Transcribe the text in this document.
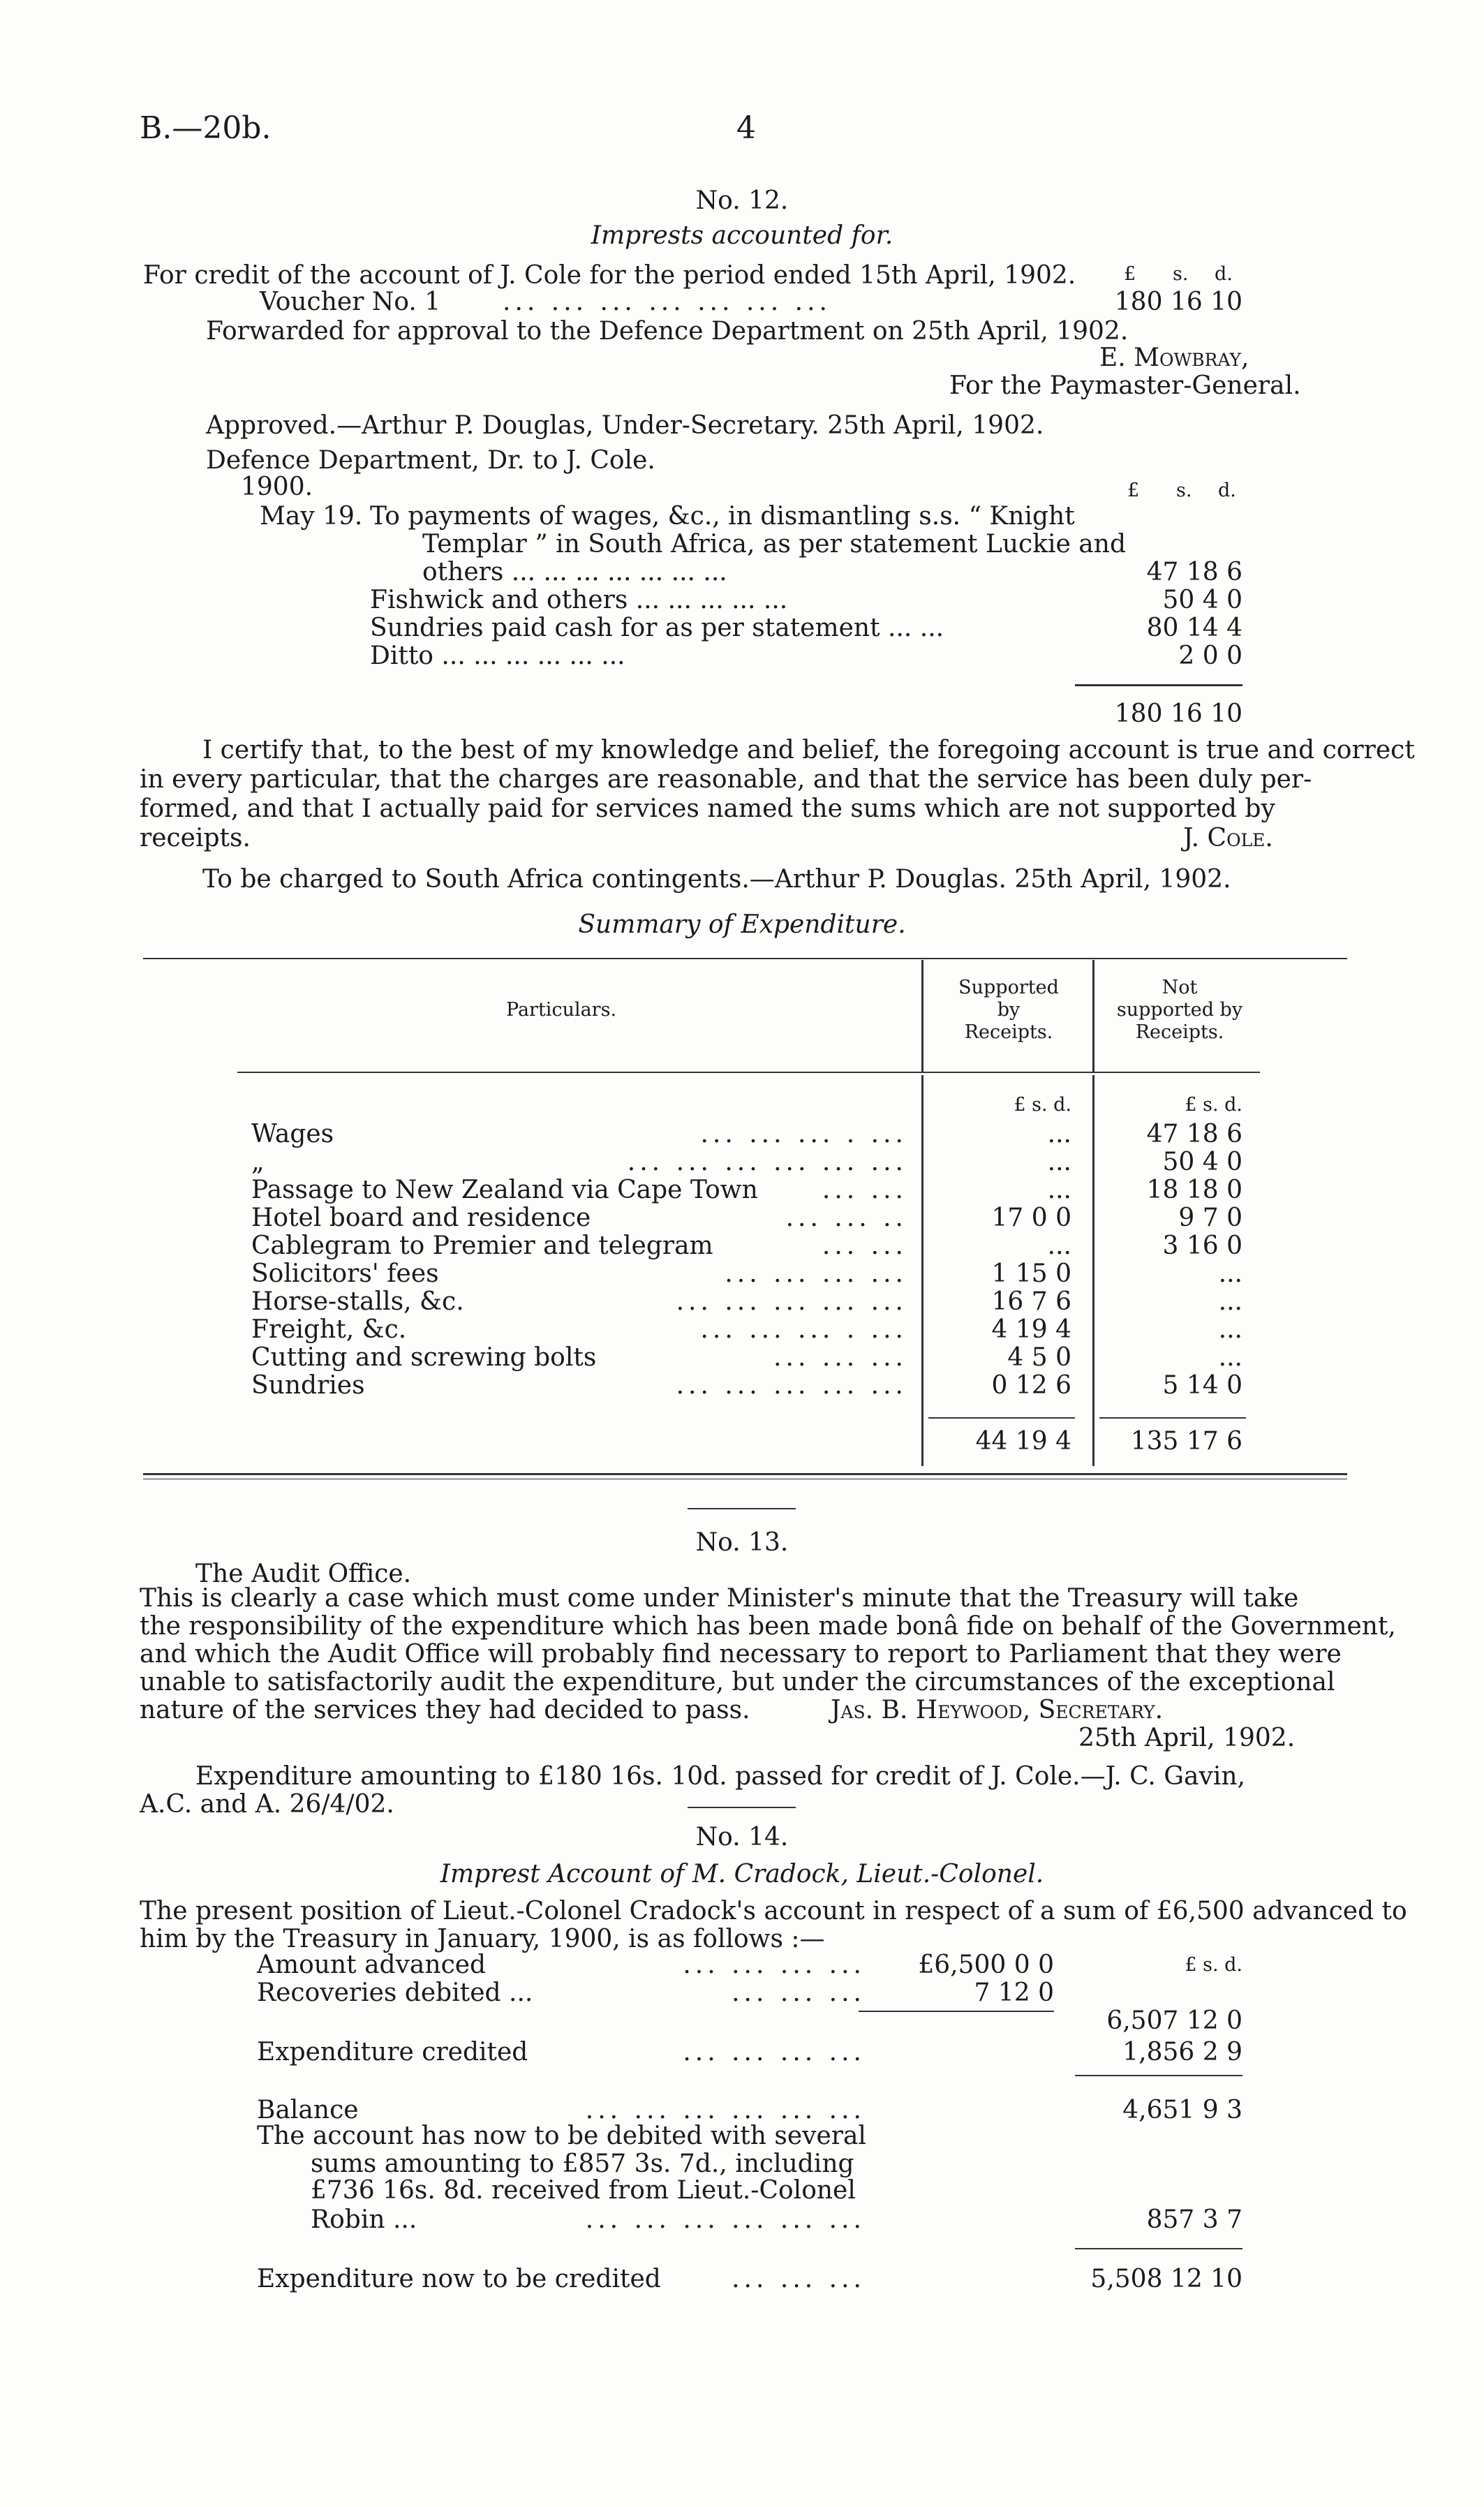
B.—20b.	4
No. 12.
Imprests accounted for.
For credit of the account of J. Cole for the period ended 15th April, 1902.	£ s. d.
Voucher No. 1 ... ... ... ... ... ... ...	180 16 10
Forwarded for approval to the Defence Department on 25th April, 1902.
E. Mowbray,
For the Paymaster-General.
Approved.—Arthur P. Douglas, Under-Secretary. 25th April, 1902.
Defence Department, Dr. to J. Cole.
1900.	£ s. d.
May 19. To payments of wages, &c., in dismantling s.s. “ Knight
Templar ” in South Africa, as per statement Luckie and
others ... ... ... ... ... ... ...	47 18 6
Fishwick and others ... ... ... ... ...	50 4 0
Sundries paid cash for as per statement ... ...	80 14 4
Ditto ... ... ... ... ... ...	2 0 0
180 16 10
I certify that, to the best of my knowledge and belief, the foregoing account is true and correct
in every particular, that the charges are reasonable, and that the service has been duly per-
formed, and that I actually paid for services named the sums which are not supported by
receipts.	J. Cole.
To be charged to South Africa contingents.—Arthur P. Douglas. 25th April, 1902.
Summary of Expenditure.
Particulars.
Supported
by
Receipts.
Not
supported by
Receipts.
£ s. d.	£ s. d.
Wages	... ... ... . ...	...	47 18 6
„	... ... ... ... ... ...	...	50 4 0
Passage to New Zealand via Cape Town	... ...	...	18 18 0
Hotel board and residence	... ... ..	17 0 0	9 7 0
Cablegram to Premier and telegram	... ...	...	3 16 0
Solicitors' fees	... ... ... ...	1 15 0	...
Horse-stalls, &c.	... ... ... ... ...	16 7 6	...
Freight, &c.	... ... ... . ...	4 19 4	...
Cutting and screwing bolts	... ... ...	4 5 0	...
Sundries	... ... ... ... ...	0 12 6	5 14 0
44 19 4	135 17 6
No. 13.
The Audit Office.
This is clearly a case which must come under Minister's minute that the Treasury will take
the responsibility of the expenditure which has been made bonâ fide on behalf of the Government,
and which the Audit Office will probably find necessary to report to Parliament that they were
unable to satisfactorily audit the expenditure, but under the circumstances of the exceptional
nature of the services they had decided to pass.	Jas. B. Heywood, Secretary.
25th April, 1902.
Expenditure amounting to £180 16s. 10d. passed for credit of J. Cole.—J. C. Gavin,
A.C. and A. 26/4/02.
No. 14.
Imprest Account of M. Cradock, Lieut.-Colonel.
The present position of Lieut.-Colonel Cradock's account in respect of a sum of £6,500 advanced to
him by the Treasury in January, 1900, is as follows :—
£ s. d.
Amount advanced	... ... ... ...	£6,500 0 0
Recoveries debited ...	... ... ...	7 12 0
6,507 12 0
Expenditure credited	... ... ... ...	1,856 2 9
Balance	... ... ... ... ... ...	4,651 9 3
The account has now to be debited with several
sums amounting to £857 3s. 7d., including
£736 16s. 8d. received from Lieut.-Colonel
Robin ...	... ... ... ... ... ...	857 3 7
Expenditure now to be credited	... ... ...	5,508 12 10
